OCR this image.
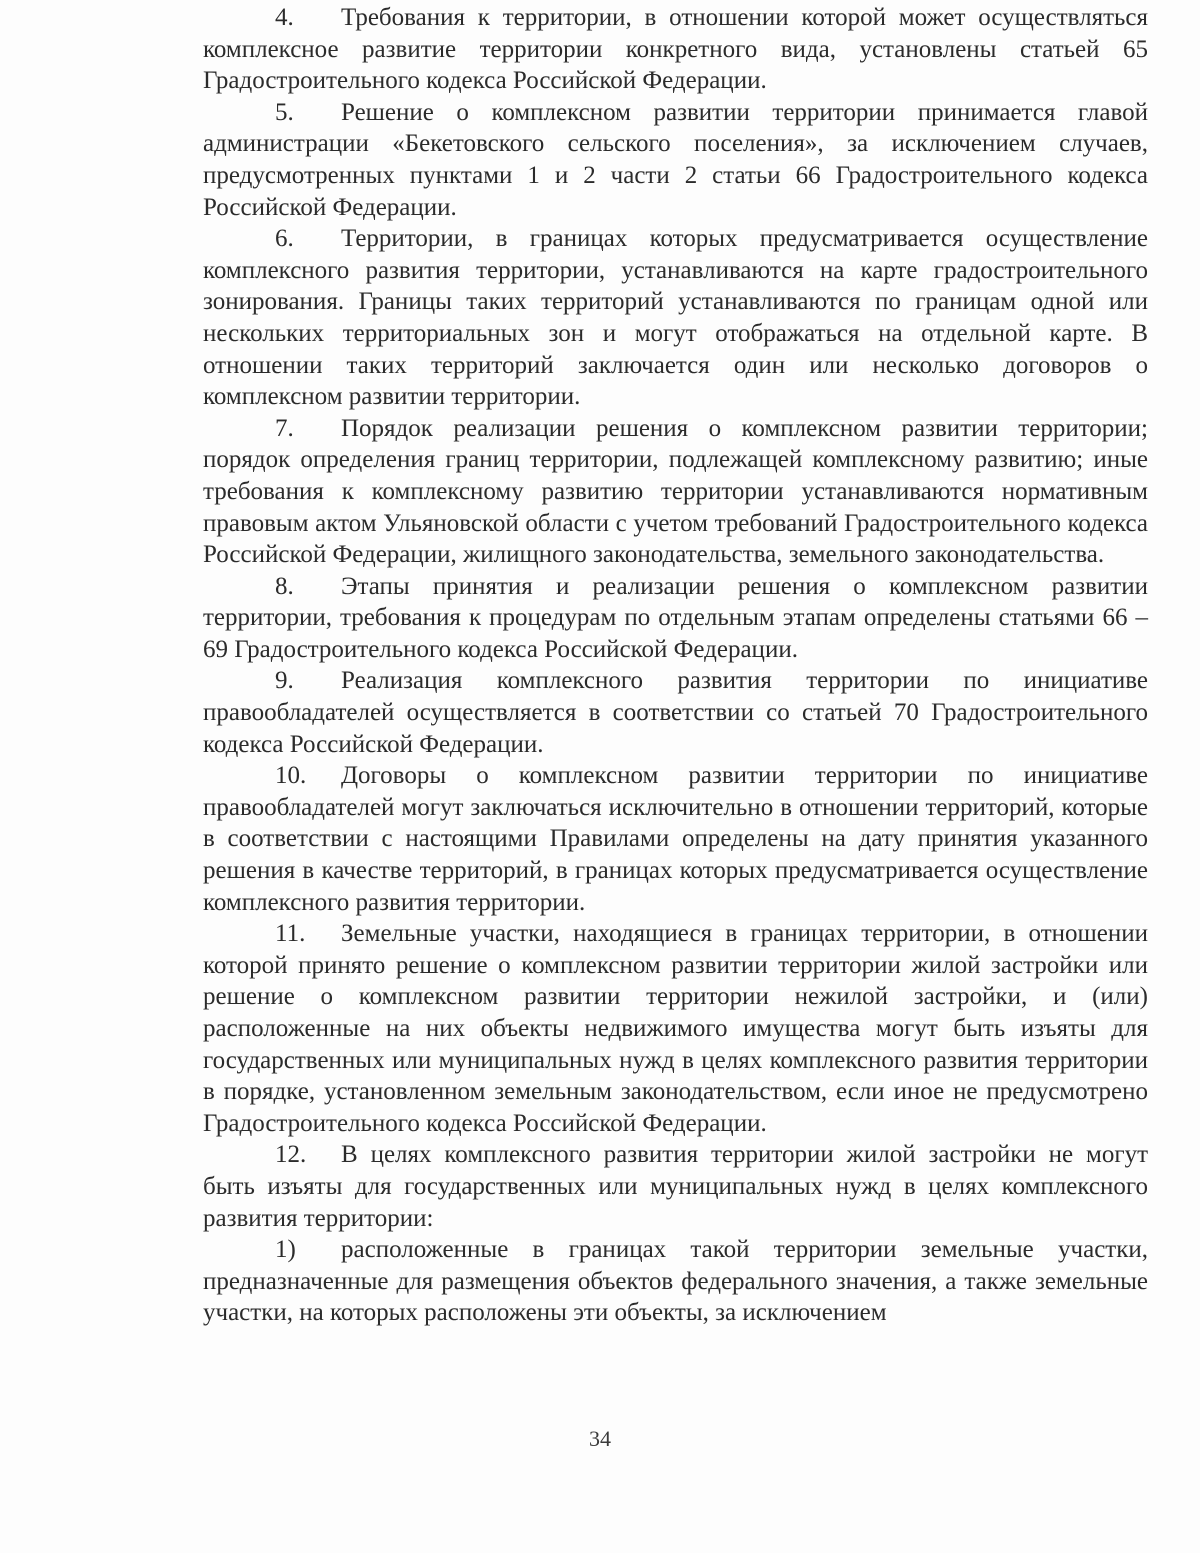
4. Требования к территории, в отношении которой может осуществляться комплексное развитие территории конкретного вида, установлены статьей 65 Градостроительного кодекса Российской Федерации.

5. Решение о комплексном развитии территории принимается главой администрации «Бекетовского сельского поселения», за исключением случаев, предусмотренных пунктами 1 и 2 части 2 статьи 66 Градостроительного кодекса Российской Федерации.

6. Территории, в границах которых предусматривается осуществление комплексного развития территории, устанавливаются на карте градостроительного зонирования. Границы таких территорий устанавливаются по границам одной или нескольких территориальных зон и могут отображаться на отдельной карте. В отношении таких территорий заключается один или несколько договоров о комплексном развитии территории.

7. Порядок реализации решения о комплексном развитии территории; порядок определения границ территории, подлежащей комплексному развитию; иные требования к комплексному развитию территории устанавливаются нормативным правовым актом Ульяновской области с учетом требований Градостроительного кодекса Российской Федерации, жилищного законодательства, земельного законодательства.

8. Этапы принятия и реализации решения о комплексном развитии территории, требования к процедурам по отдельным этапам определены статьями 66 – 69 Градостроительного кодекса Российской Федерации.

9. Реализация комплексного развития территории по инициативе правообладателей осуществляется в соответствии со статьей 70 Градостроительного кодекса Российской Федерации.

10. Договоры о комплексном развитии территории по инициативе правообладателей могут заключаться исключительно в отношении территорий, которые в соответствии с настоящими Правилами определены на дату принятия указанного решения в качестве территорий, в границах которых предусматривается осуществление комплексного развития территории.

11. Земельные участки, находящиеся в границах территории, в отношении которой принято решение о комплексном развитии территории жилой застройки или решение о комплексном развитии территории нежилой застройки, и (или) расположенные на них объекты недвижимого имущества могут быть изъяты для государственных или муниципальных нужд в целях комплексного развития территории в порядке, установленном земельным законодательством, если иное не предусмотрено Градостроительного кодекса Российской Федерации.

12. В целях комплексного развития территории жилой застройки не могут быть изъяты для государственных или муниципальных нужд в целях комплексного развития территории:

1) расположенные в границах такой территории земельные участки, предназначенные для размещения объектов федерального значения, а также земельные участки, на которых расположены эти объекты, за исключением

34
